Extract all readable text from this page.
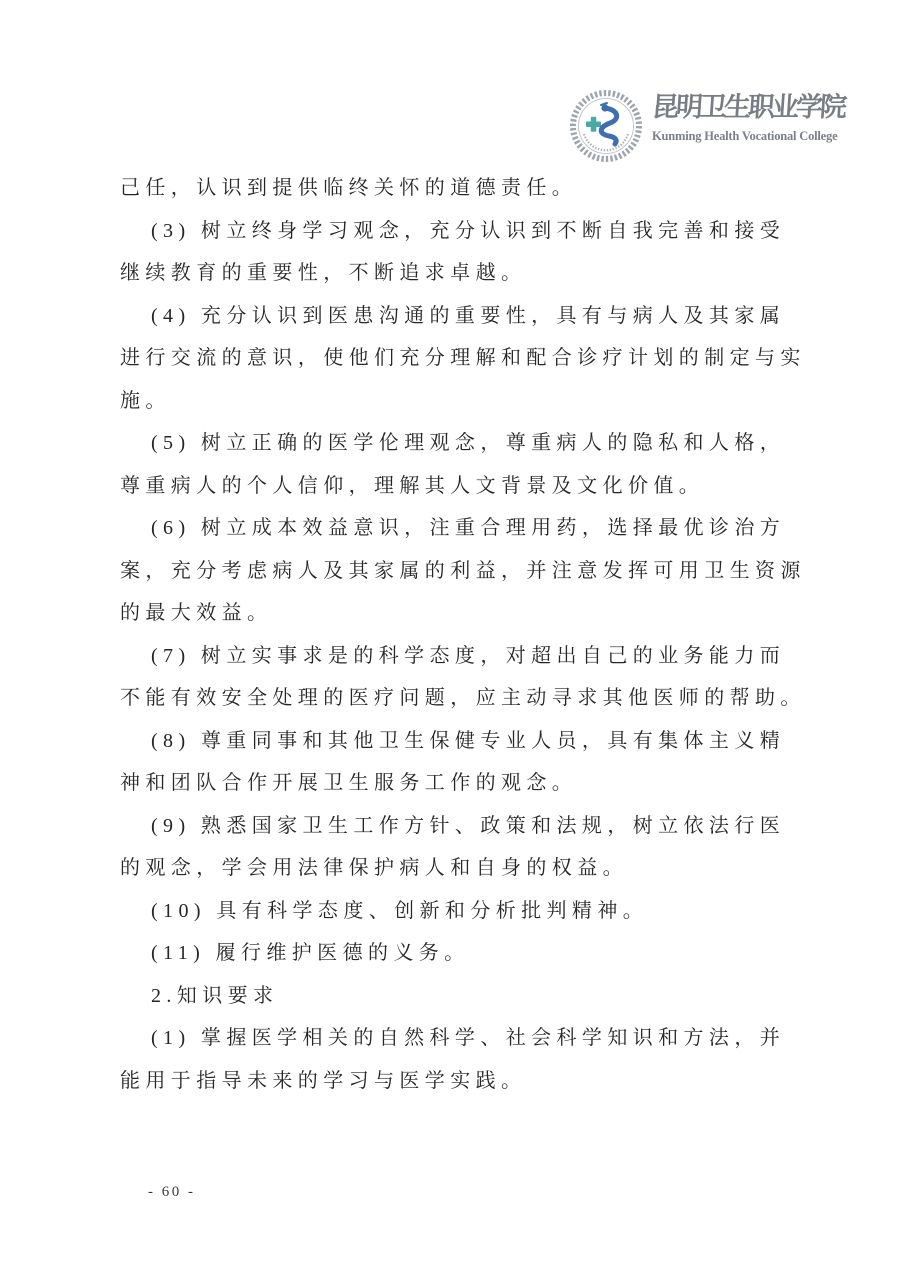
昆明卫生职业学院
Kunming Health Vocational College

己任，认识到提供临终关怀的道德责任。

(3) 树立终身学习观念，充分认识到不断自我完善和接受继续教育的重要性，不断追求卓越。

(4) 充分认识到医患沟通的重要性，具有与病人及其家属进行交流的意识，使他们充分理解和配合诊疗计划的制定与实施。

(5) 树立正确的医学伦理观念，尊重病人的隐私和人格，尊重病人的个人信仰，理解其人文背景及文化价值。

(6) 树立成本效益意识，注重合理用药，选择最优诊治方案，充分考虑病人及其家属的利益，并注意发挥可用卫生资源的最大效益。

(7) 树立实事求是的科学态度，对超出自己的业务能力而不能有效安全处理的医疗问题，应主动寻求其他医师的帮助。

(8) 尊重同事和其他卫生保健专业人员，具有集体主义精神和团队合作开展卫生服务工作的观念。

(9) 熟悉国家卫生工作方针、政策和法规，树立依法行医的观念，学会用法律保护病人和自身的权益。

(10) 具有科学态度、创新和分析批判精神。

(11) 履行维护医德的义务。

2.知识要求

(1) 掌握医学相关的自然科学、社会科学知识和方法，并能用于指导未来的学习与医学实践。

- 60 -
